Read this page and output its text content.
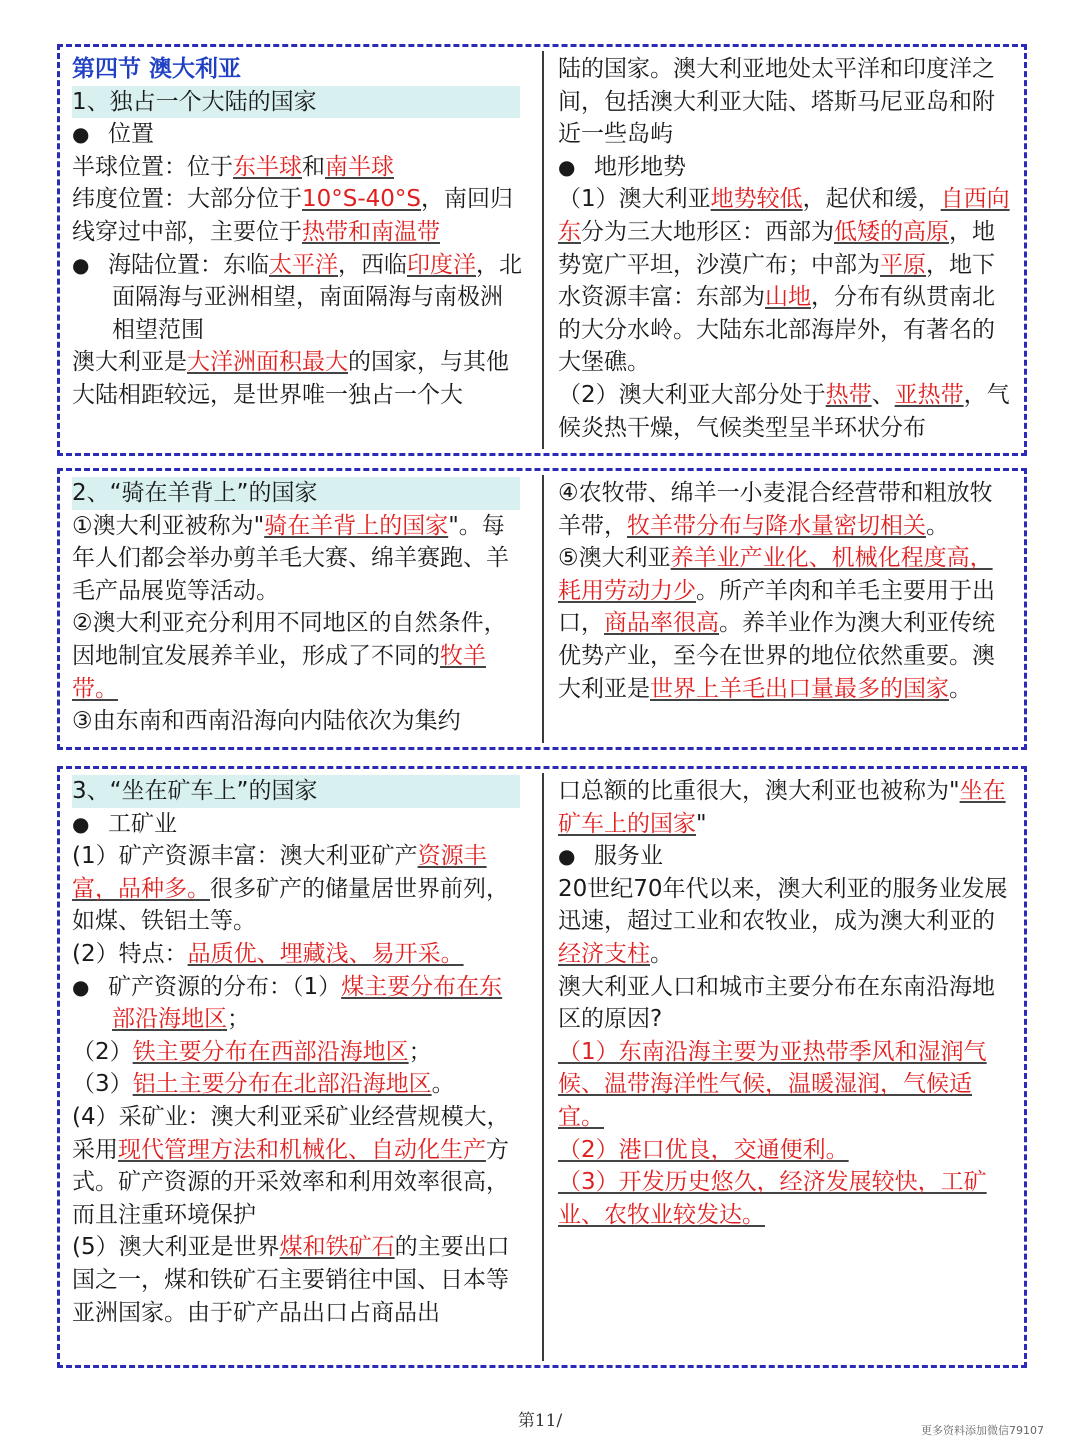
第四节 澳大利亚

1、独占一个大陆的国家

● 位置

半球位置：位于东半球和南半球

纬度位置：大部分位于10°S-40°S，南回归线穿过中部，主要位于热带和南温带

● 海陆位置：东临太平洋，西临印度洋，北面隔海与亚洲相望，南面隔海与南极洲相望范围

澳大利亚是大洋洲面积最大的国家，与其他大陆相距较远，是世界唯一独占一个大

陆的国家。澳大利亚地处太平洋和印度洋之间，包括澳大利亚大陆、塔斯马尼亚岛和附近一些岛屿

● 地形地势

（1）澳大利亚地势较低，起伏和缓，自西向东分为三大地形区：西部为低矮的高原，地势宽广平坦，沙漠广布；中部为平原，地下水资源丰富：东部为山地，分布有纵贯南北的大分水岭。大陆东北部海岸外，有著名的大堡礁。

（2）澳大利亚大部分处于热带、亚热带，气候炎热干燥，气候类型呈半环状分布

2、“骑在羊背上”的国家

①澳大利亚被称为"骑在羊背上的国家"。每年人们都会举办剪羊毛大赛、绵羊赛跑、羊毛产品展览等活动。

②澳大利亚充分利用不同地区的自然条件，因地制宜发展养羊业，形成了不同的牧羊带。

③由东南和西南沿海向内陆依次为集约

④农牧带、绵羊一小麦混合经营带和粗放牧羊带，牧羊带分布与降水量密切相关。

⑤澳大利亚养羊业产业化、机械化程度高，耗用劳动力少。所产羊肉和羊毛主要用于出口，商品率很高。养羊业作为澳大利亚传统优势产业，至今在世界的地位依然重要。澳大利亚是世界上羊毛出口量最多的国家。

3、“坐在矿车上”的国家

● 工矿业

(1）矿产资源丰富：澳大利亚矿产资源丰富，品种多。很多矿产的储量居世界前列，如煤、铁铝土等。

(2）特点：品质优、埋藏浅、易开采。

● 矿产资源的分布：（1）煤主要分布在东部沿海地区；

（2）铁主要分布在西部沿海地区；

（3）铝土主要分布在北部沿海地区。

(4）采矿业：澳大利亚采矿业经营规模大，采用现代管理方法和机械化、自动化生产方式。矿产资源的开采效率和利用效率很高，而且注重环境保护

(5）澳大利亚是世界煤和铁矿石的主要出口国之一，煤和铁矿石主要销往中国、日本等亚洲国家。由于矿产品出口占商品出

口总额的比重很大，澳大利亚也被称为"坐在矿车上的国家"

● 服务业

20世纪70年代以来，澳大利亚的服务业发展迅速，超过工业和农牧业，成为澳大利亚的经济支柱。

澳大利亚人口和城市主要分布在东南沿海地区的原因?

（1）东南沿海主要为亚热带季风和湿润气候、温带海洋性气候，温暖湿润，气候适宜。

（2）港口优良，交通便利。

（3）开发历史悠久，经济发展较快，工矿业、农牧业较发达。

第11/	更多资料添加微信79107
